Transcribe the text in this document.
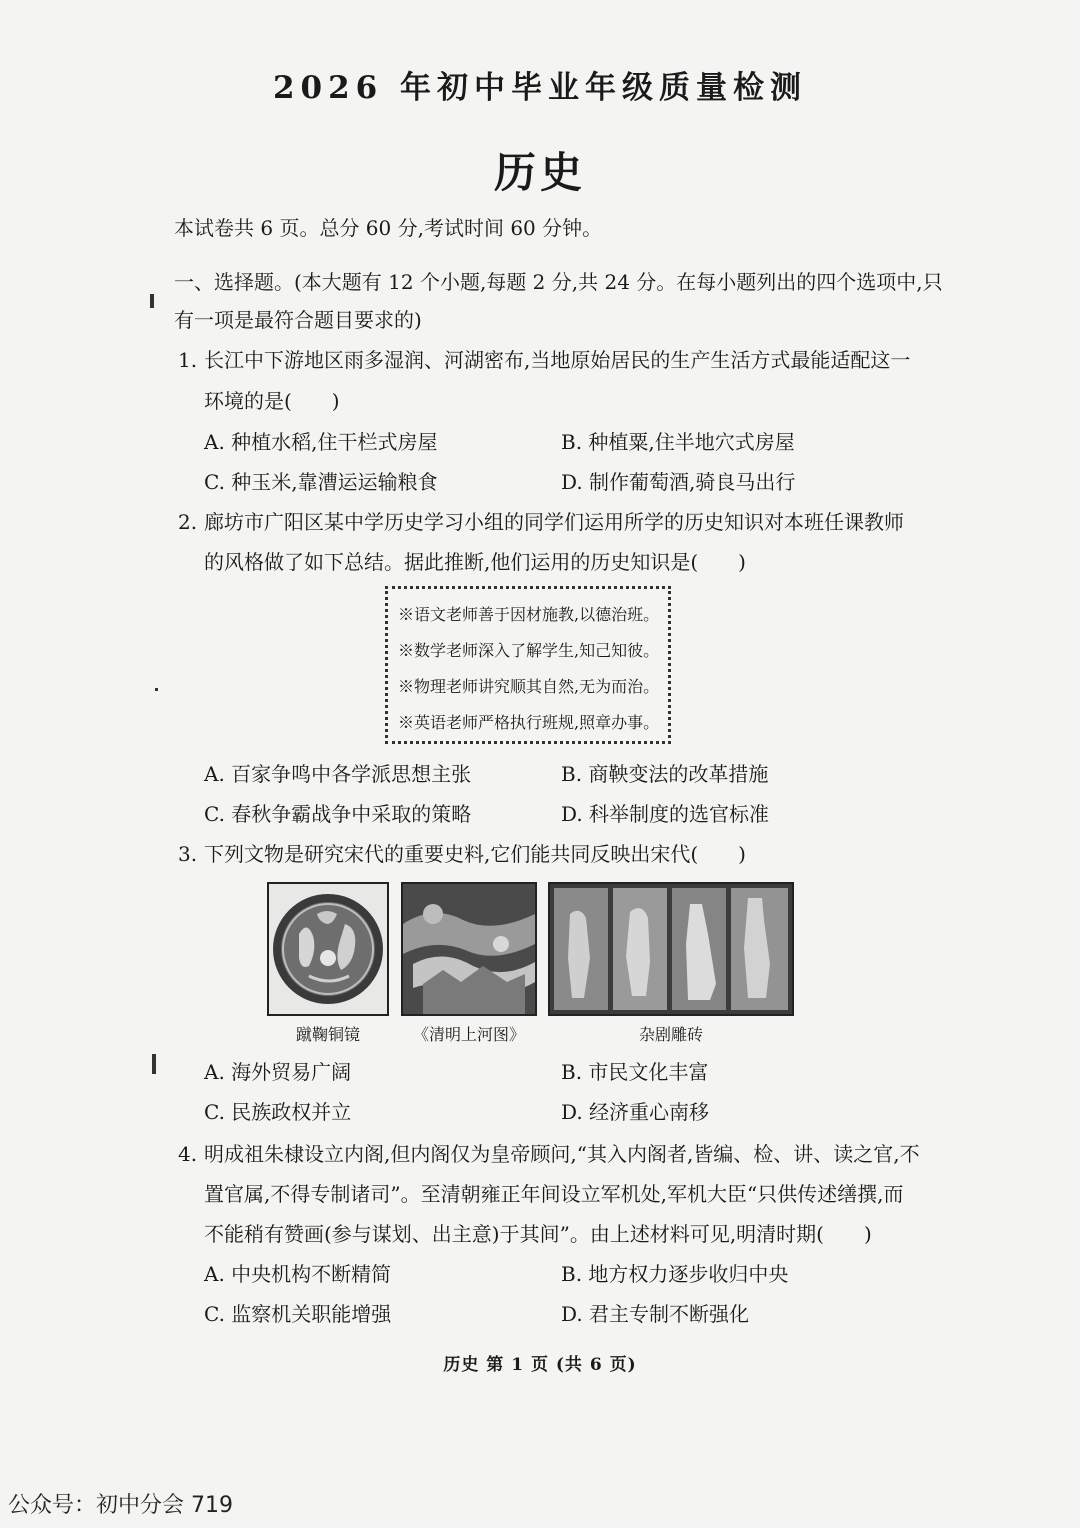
2026 年初中毕业年级质量检测
历史
本试卷共 6 页。总分 60 分,考试时间 60 分钟。
一、选择题。(本大题有 12 个小题,每题 2 分,共 24 分。在每小题列出的四个选项中,只
有一项是最符合题目要求的)
1. 长江中下游地区雨多湿润、河湖密布,当地原始居民的生产生活方式最能适配这一
环境的是(　　)
A. 种植水稻,住干栏式房屋	B. 种植粟,住半地穴式房屋
C. 种玉米,靠漕运运输粮食	D. 制作葡萄酒,骑良马出行
2. 廊坊市广阳区某中学历史学习小组的同学们运用所学的历史知识对本班任课教师
的风格做了如下总结。据此推断,他们运用的历史知识是(　　)
※语文老师善于因材施教,以德治班。
※数学老师深入了解学生,知己知彼。
※物理老师讲究顺其自然,无为而治。
※英语老师严格执行班规,照章办事。
A. 百家争鸣中各学派思想主张	B. 商鞅变法的改革措施
C. 春秋争霸战争中采取的策略	D. 科举制度的选官标准
3. 下列文物是研究宋代的重要史料,它们能共同反映出宋代(　　)
蹴鞠铜镜	《清明上河图》	杂剧雕砖
A. 海外贸易广阔	B. 市民文化丰富
C. 民族政权并立	D. 经济重心南移
4. 明成祖朱棣设立内阁,但内阁仅为皇帝顾问,“其入内阁者,皆编、检、讲、读之官,不
置官属,不得专制诸司”。至清朝雍正年间设立军机处,军机大臣“只供传述缮撰,而
不能稍有赞画(参与谋划、出主意)于其间”。由上述材料可见,明清时期(　　)
A. 中央机构不断精简	B. 地方权力逐步收归中央
C. 监察机关职能增强	D. 君主专制不断强化
历史 第 1 页 (共 6 页)
公众号：初中分会 719
